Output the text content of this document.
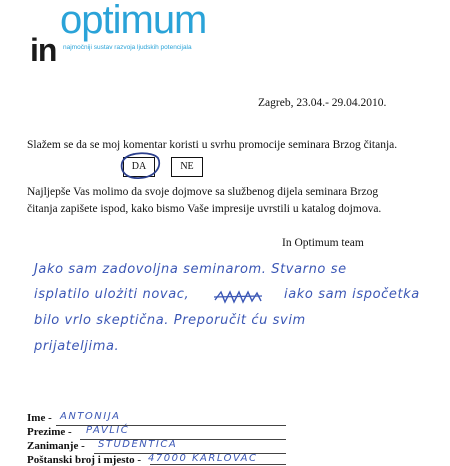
optimum
in najmočniji sustav razvoja ljudskih potencijala
Zagreb, 23.04.- 29.04.2010.
Slažem se da se moj komentar koristi u svrhu promocije seminara Brzog čitanja.
DA	NE
Najljepše Vas molimo da svoje dojmove sa službenog dijela seminara Brzog
čitanja zapišete ispod, kako bismo Vaše impresije uvrstili u katalog dojmova.
In Optimum team
Jako sam zadovoljna seminarom. Stvarno se
isplatilo ulożiti novac,	iako sam ispočetka
bilo vrlo skeptična. Preporučit ću svim
prijateljima.
Ime - ANTONIJA
Prezime - PAVLIĆ
Zanimanje - STUDENTICA
Poštanski broj i mjesto - 47000 KARLOVAC
